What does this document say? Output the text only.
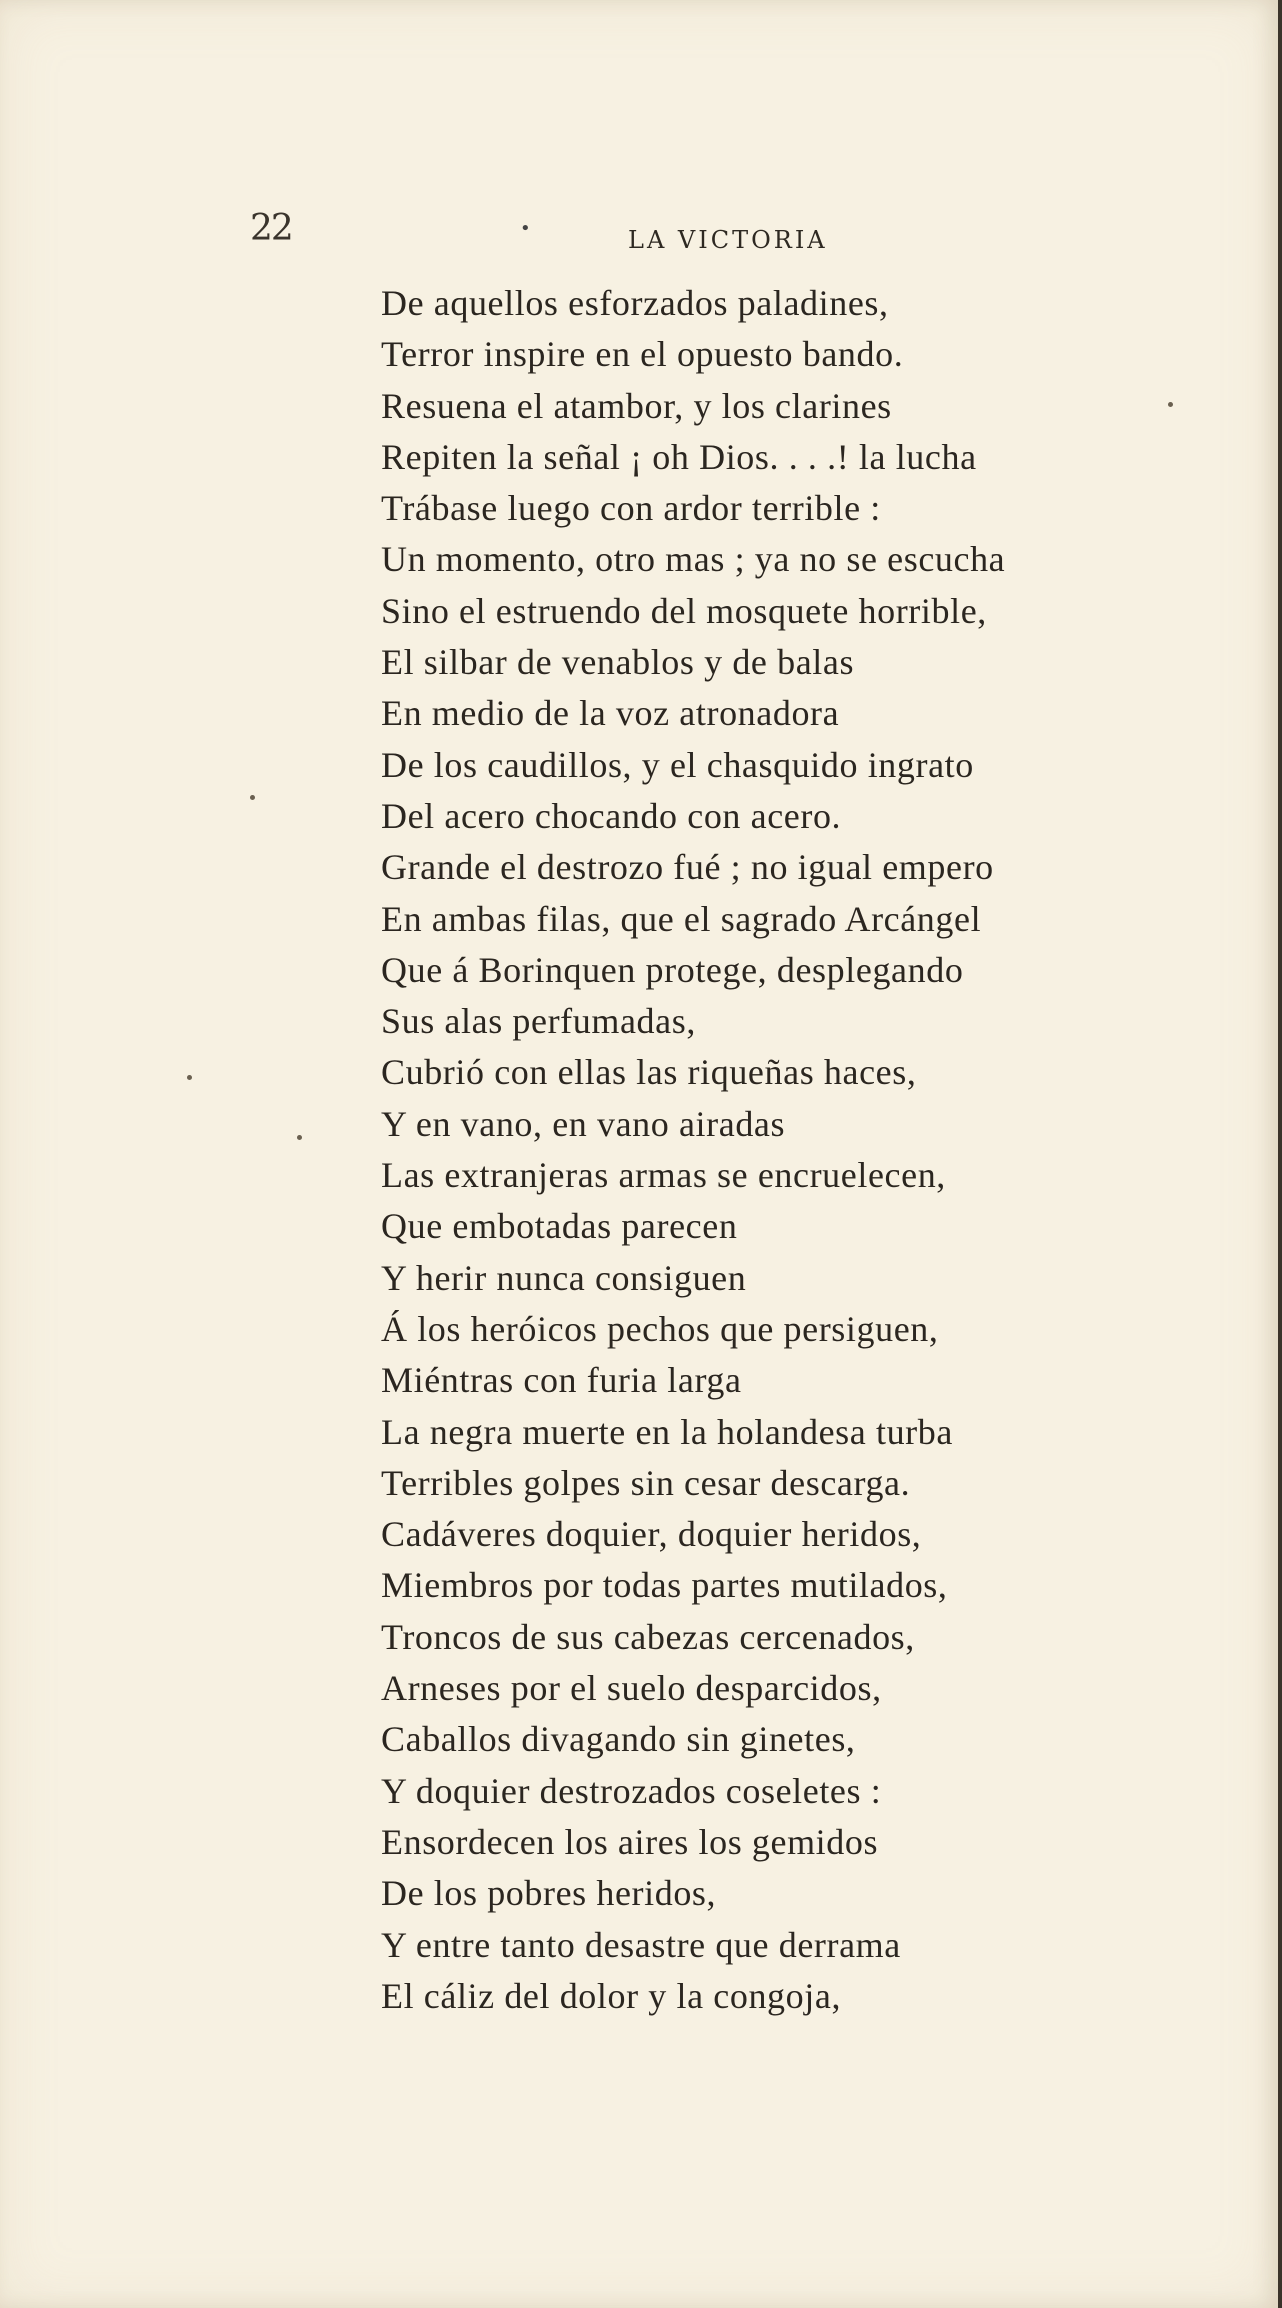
22	•	LA VICTORIA
De aquellos esforzados paladines,
Terror inspire en el opuesto bando.
Resuena el atambor, y los clarines
Repiten la señal ¡ oh Dios. . . .! la lucha
Trábase luego con ardor terrible :
Un momento, otro mas ; ya no se escucha
Sino el estruendo del mosquete horrible,
El silbar de venablos y de balas
En medio de la voz atronadora
De los caudillos, y el chasquido ingrato
Del acero chocando con acero.
Grande el destrozo fué ; no igual empero
En ambas filas, que el sagrado Arcángel
Que á Borinquen protege, desplegando
Sus alas perfumadas,
Cubrió con ellas las riqueñas haces,
Y en vano, en vano airadas
Las extranjeras armas se encruelecen,
Que embotadas parecen
Y herir nunca consiguen
Á los heróicos pechos que persiguen,
Miéntras con furia larga
La negra muerte en la holandesa turba
Terribles golpes sin cesar descarga.
Cadáveres doquier, doquier heridos,
Miembros por todas partes mutilados,
Troncos de sus cabezas cercenados,
Arneses por el suelo desparcidos,
Caballos divagando sin ginetes,
Y doquier destrozados coseletes :
Ensordecen los aires los gemidos
De los pobres heridos,
Y entre tanto desastre que derrama
El cáliz del dolor y la congoja,
